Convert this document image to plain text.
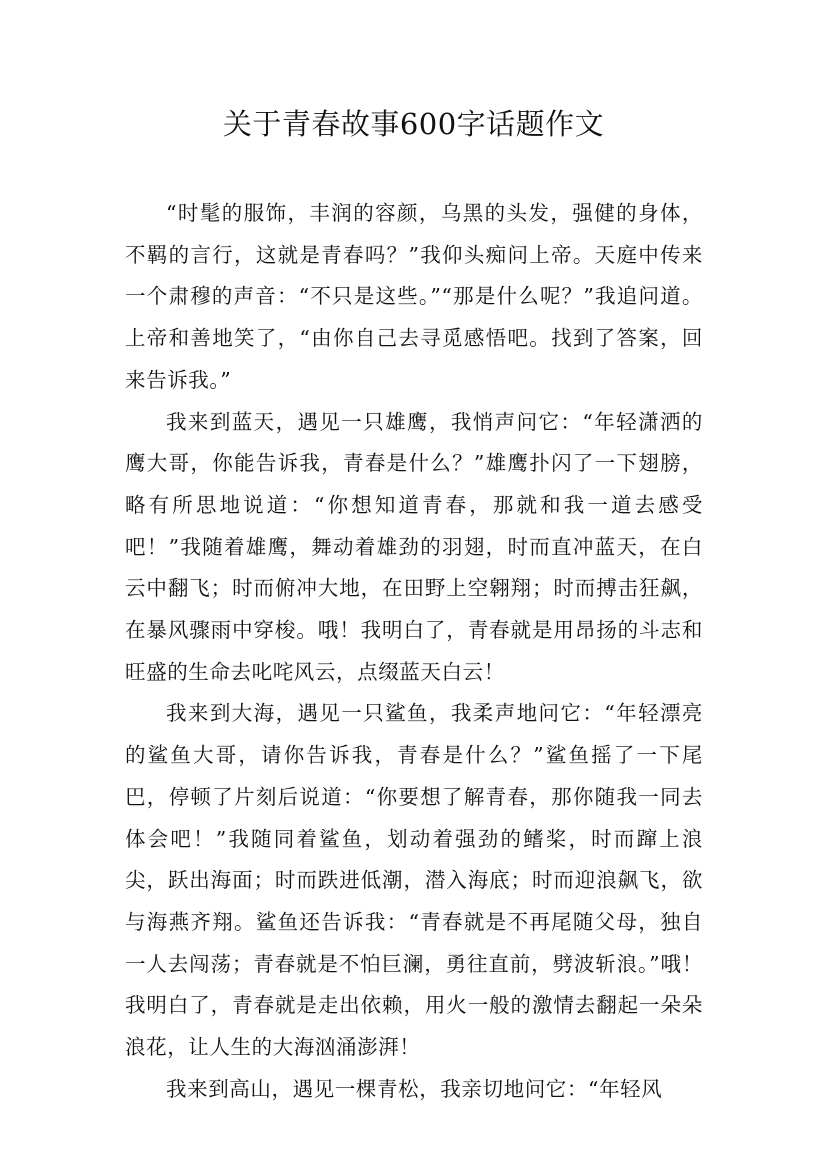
关于青春故事600字话题作文

“时髦的服饰，丰润的容颜，乌黑的头发，强健的身体，不羁的言行，这就是青春吗？”我仰头痴问上帝。天庭中传来一个肃穆的声音：“不只是这些。”“那是什么呢？”我追问道。上帝和善地笑了，“由你自己去寻觅感悟吧。找到了答案，回来告诉我。”

我来到蓝天，遇见一只雄鹰，我悄声问它：“年轻潇洒的鹰大哥，你能告诉我，青春是什么？”雄鹰扑闪了一下翅膀，略有所思地说道：“你想知道青春，那就和我一道去感受吧！”我随着雄鹰，舞动着雄劲的羽翅，时而直冲蓝天，在白云中翻飞；时而俯冲大地，在田野上空翱翔；时而搏击狂飙，在暴风骤雨中穿梭。哦！我明白了，青春就是用昂扬的斗志和旺盛的生命去叱咤风云，点缀蓝天白云！

我来到大海，遇见一只鲨鱼，我柔声地问它：“年轻漂亮的鲨鱼大哥，请你告诉我，青春是什么？”鲨鱼摇了一下尾巴，停顿了片刻后说道：“你要想了解青春，那你随我一同去体会吧！”我随同着鲨鱼，划动着强劲的鳍桨，时而蹿上浪尖，跃出海面；时而跌进低潮，潜入海底；时而迎浪飙飞，欲与海燕齐翔。鲨鱼还告诉我：“青春就是不再尾随父母，独自一人去闯荡；青春就是不怕巨澜，勇往直前，劈波斩浪。”哦！我明白了，青春就是走出依赖，用火一般的激情去翻起一朵朵浪花，让人生的大海汹涌澎湃！

我来到高山，遇见一棵青松，我亲切地问它：“年轻风
